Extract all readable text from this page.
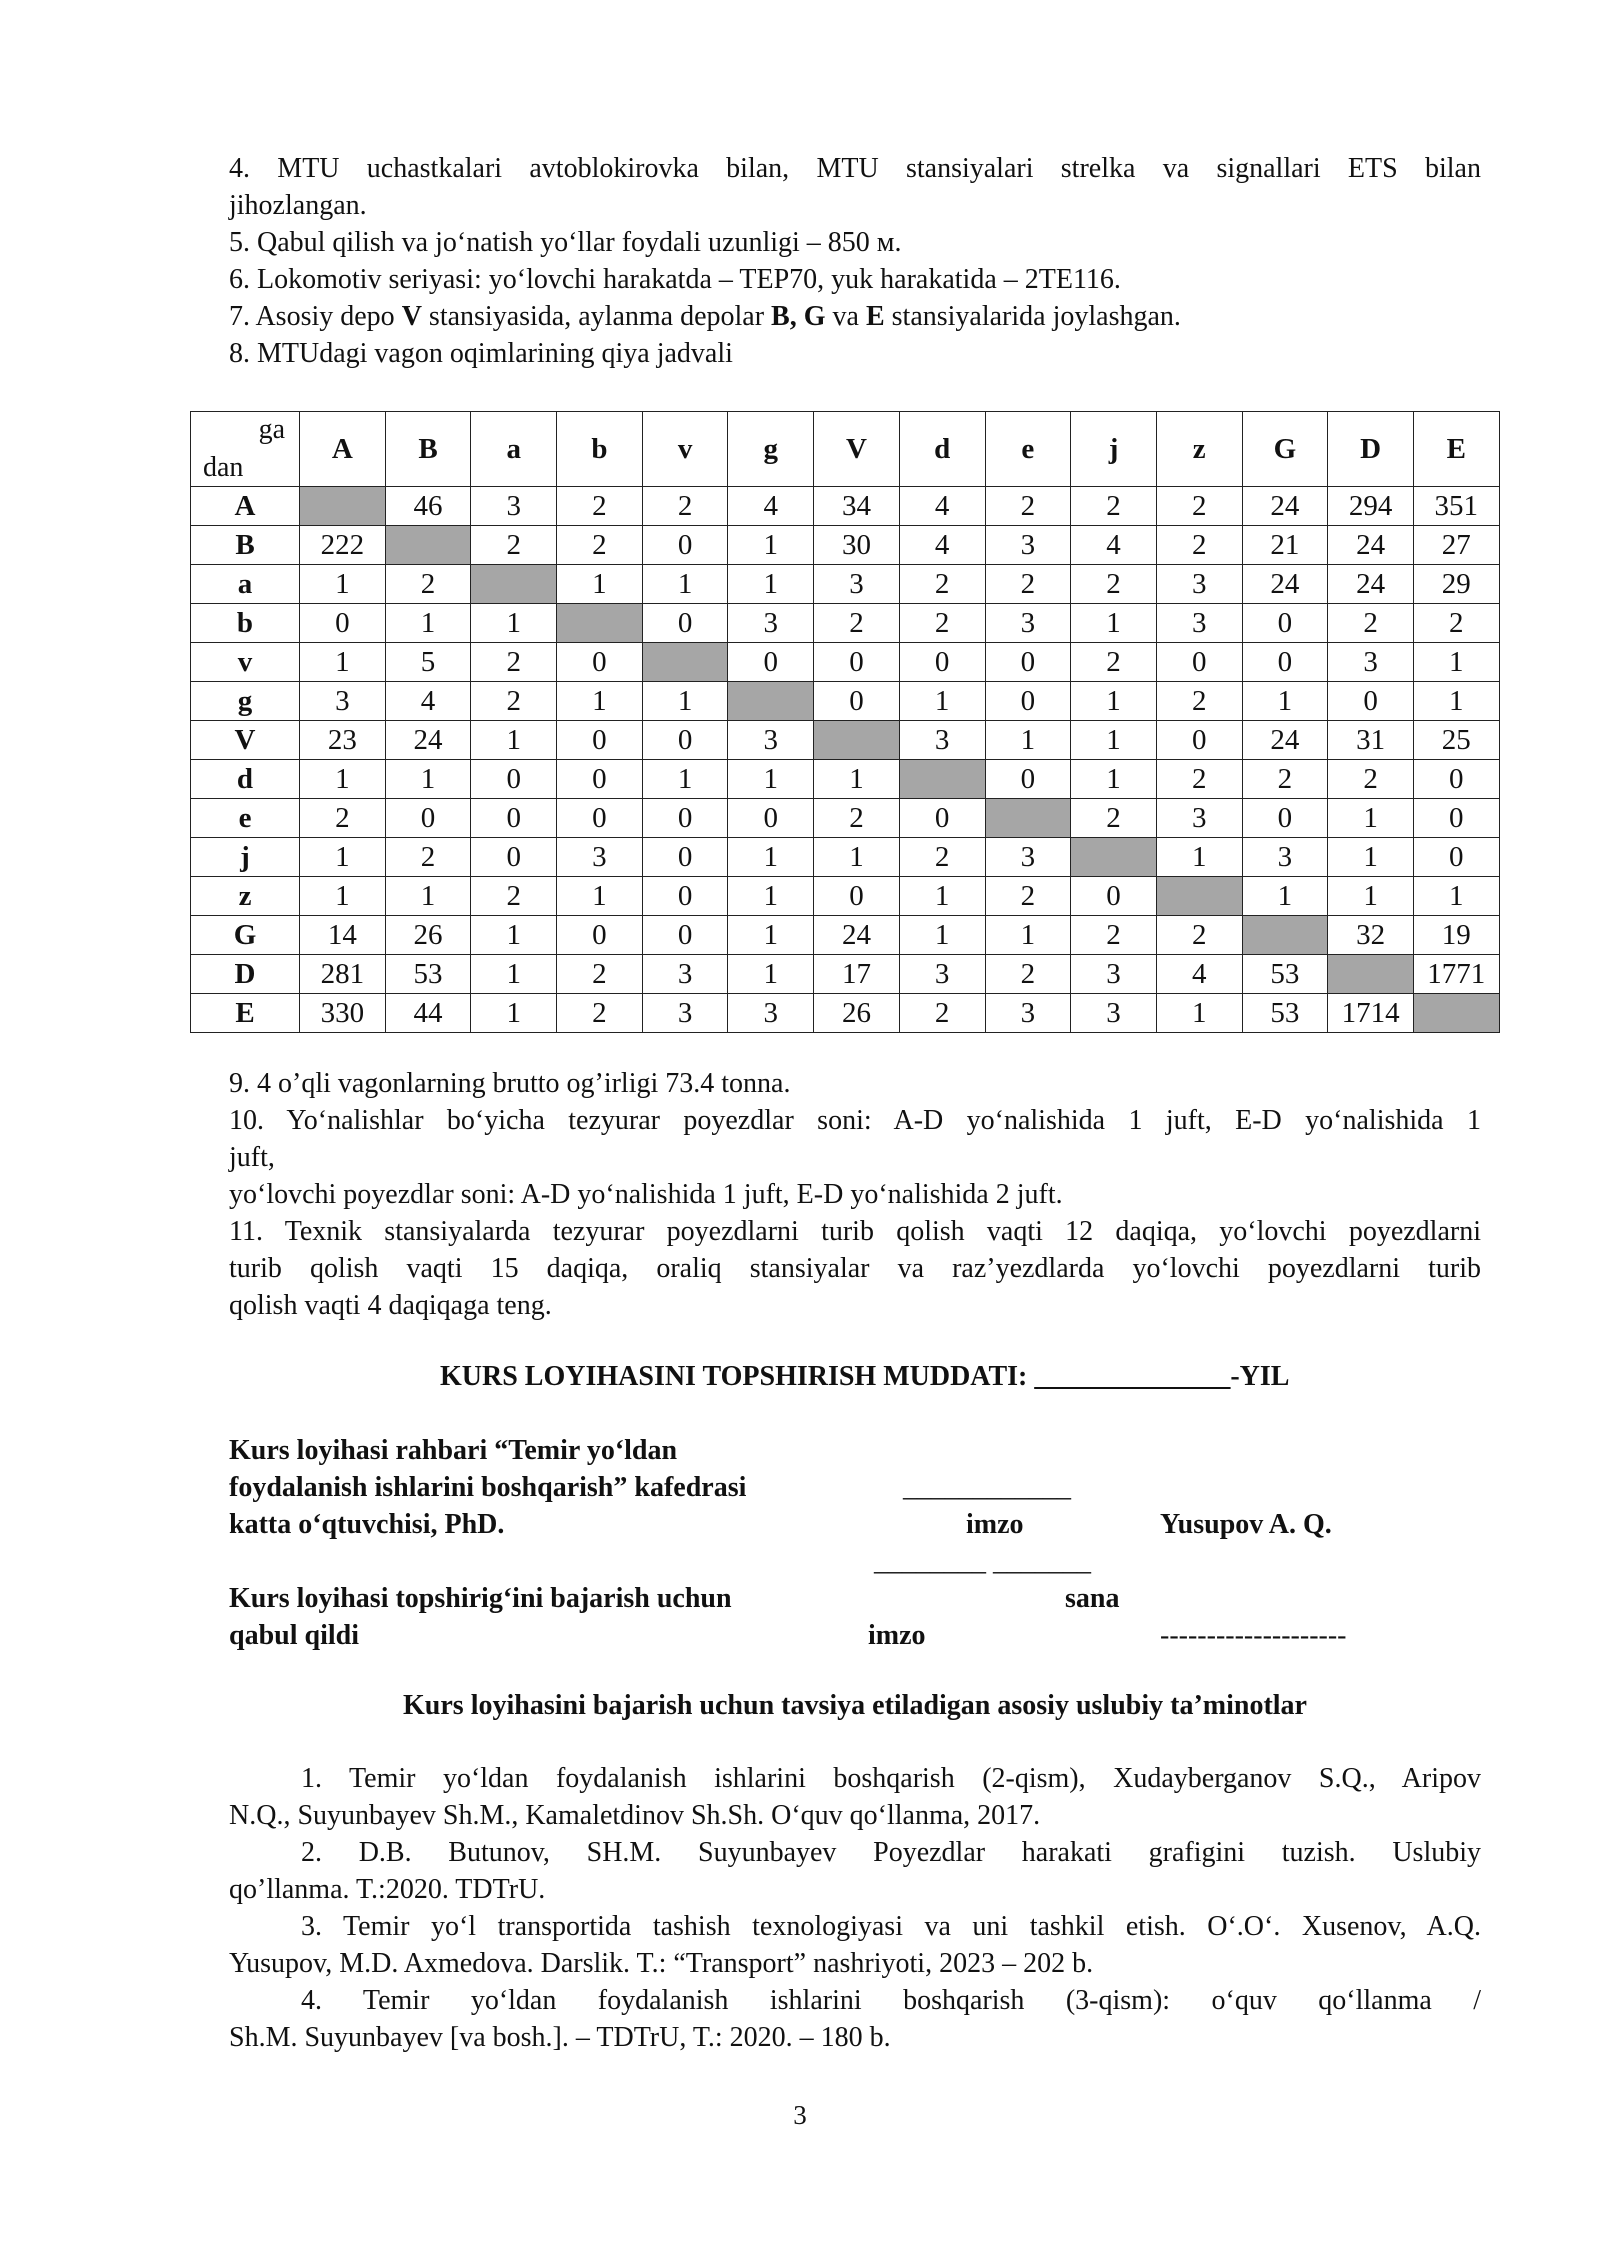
4. MTU uchastkalari avtoblokirovka bilan, MTU stansiyalari strelka va signallari ETS bilan

jihozlangan.

5. Qabul qilish va jo‘natish yo‘llar foydali uzunligi – 850 м.

6. Lokomotiv seriyasi: yo‘lovchi harakatda – TEP70, yuk harakatida – 2TE116.

7. Asosiy depo V stansiyasida, aylanma depolar B, G va E stansiyalarida joylashgan.

8. MTUdagi vagon oqimlarining qiya jadvali

ga
dan	A	B	a	b	v	g	V	d	e	j	z	G	D	E
A		46	3	2	2	4	34	4	2	2	2	24	294	351
B	222		2	2	0	1	30	4	3	4	2	21	24	27
a	1	2		1	1	1	3	2	2	2	3	24	24	29
b	0	1	1		0	3	2	2	3	1	3	0	2	2
v	1	5	2	0		0	0	0	0	2	0	0	3	1
g	3	4	2	1	1		0	1	0	1	2	1	0	1
V	23	24	1	0	0	3		3	1	1	0	24	31	25
d	1	1	0	0	1	1	1		0	1	2	2	2	0
e	2	0	0	0	0	0	2	0		2	3	0	1	0
j	1	2	0	3	0	1	1	2	3		1	3	1	0
z	1	1	2	1	0	1	0	1	2	0		1	1	1
G	14	26	1	0	0	1	24	1	1	2	2		32	19
D	281	53	1	2	3	1	17	3	2	3	4	53		1771
E	330	44	1	2	3	3	26	2	3	3	1	53	1714	

9. 4 o’qli vagonlarning brutto og’irligi 73.4 tonna.

10. Yo‘nalishlar bo‘yicha tezyurar poyezdlar soni: A-D yo‘nalishida 1 juft, E-D yo‘nalishida 1

juft,

yo‘lovchi poyezdlar soni: A-D yo‘nalishida 1 juft, E-D yo‘nalishida 2 juft.

11. Texnik stansiyalarda tezyurar poyezdlarni turib qolish vaqti 12 daqiqa, yo‘lovchi poyezdlarni

turib qolish vaqti 15 daqiqa, oraliq stansiyalar va raz’yezdlarda yo‘lovchi poyezdlarni turib

qolish vaqti 4 daqiqaga teng.

KURS LOYIHASINI TOPSHIRISH MUDDATI: ______________-YIL

Kurs loyihasi rahbari “Temir yo‘ldan

foydalanish ishlarini boshqarish” kafedrasi

katta o‘qtuvchisi, PhD.

____________

imzo	Yusupov A. Q.

________ _______

Kurs loyihasi topshirig‘ini bajarish uchun	sana

qabul qildi	imzo	--------------------

Kurs loyihasini bajarish uchun tavsiya etiladigan asosiy uslubiy ta’minotlar

1. Temir yo‘ldan foydalanish ishlarini boshqarish (2-qism), Xudayberganov S.Q., Aripov
N.Q., Suyunbayev Sh.M., Kamaletdinov Sh.Sh. O‘quv qo‘llanma, 2017.
2. D.B. Butunov, SH.M. Suyunbayev Poyezdlar harakati grafigini tuzish. Uslubiy
qo’llanma. T.:2020. TDTrU.
3. Temir yo‘l transportida tashish texnologiyasi va uni tashkil etish. O‘.O‘. Xusenov, A.Q.
Yusupov, M.D. Axmedova. Darslik. T.: “Transport” nashriyoti, 2023 – 202 b.
4. Temir yo‘ldan foydalanish ishlarini boshqarish (3-qism): o‘quv qo‘llanma /
Sh.M. Suyunbayev [va bosh.]. – TDTrU, T.: 2020. – 180 b.

3
